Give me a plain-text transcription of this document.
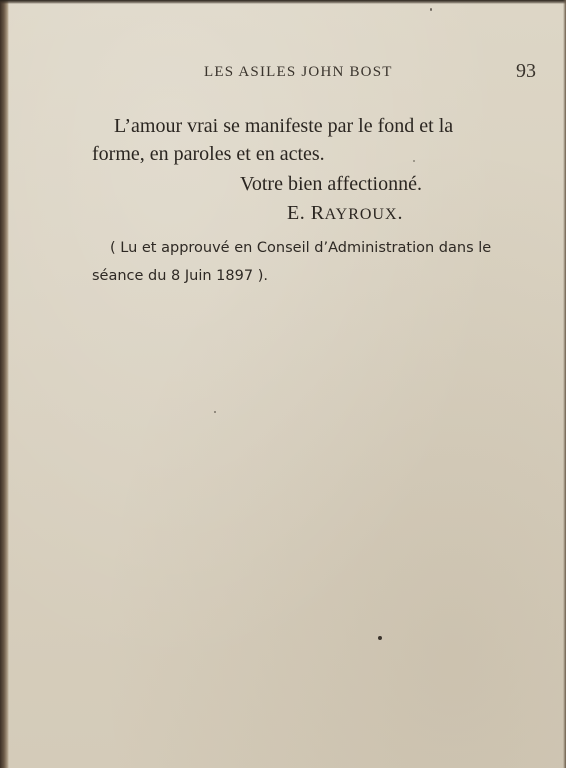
LES ASILES JOHN BOST	93
L’amour vrai se manifeste par le fond et la
forme, en paroles et en actes.
Votre bien affectionné.
E. RAYROUX.
( Lu et approuvé en Conseil d’Administration dans le
séance du 8 Juin 1897 ).
